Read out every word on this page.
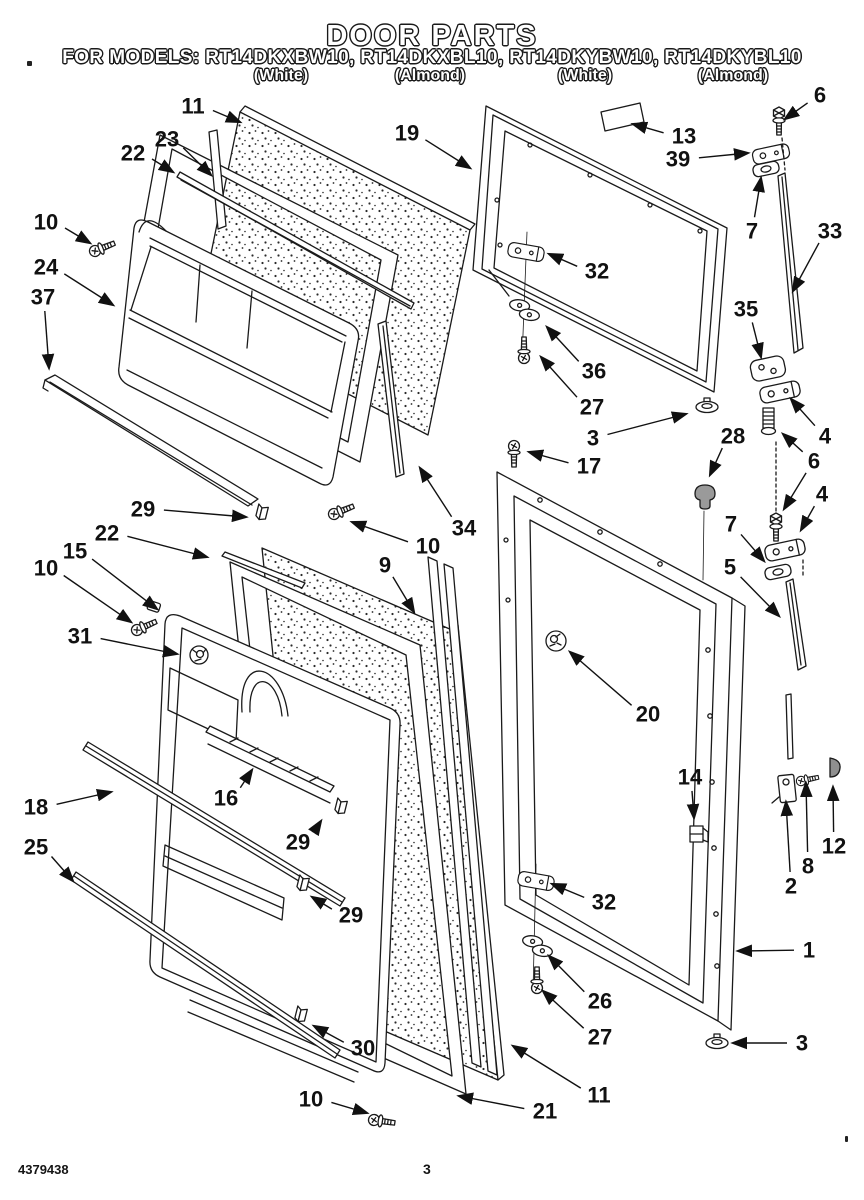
DOOR PARTS
FOR MODELS: RT14DKXBW10, RT14DKXBL10, RT14DKYBW10, RT14DKYBL10
(White)	(Almond)	(White)	(Almond)
11
23
22
10
24
37
19	13
39
6
7	33
32
36
27
3
17
35
4
6
4
7
5
28
29
22
15
10
31
9
10
34
20
18
25
16
29
29
30
10	21
11
27
26
32
14
2
8
12
1
3
4379438	3
